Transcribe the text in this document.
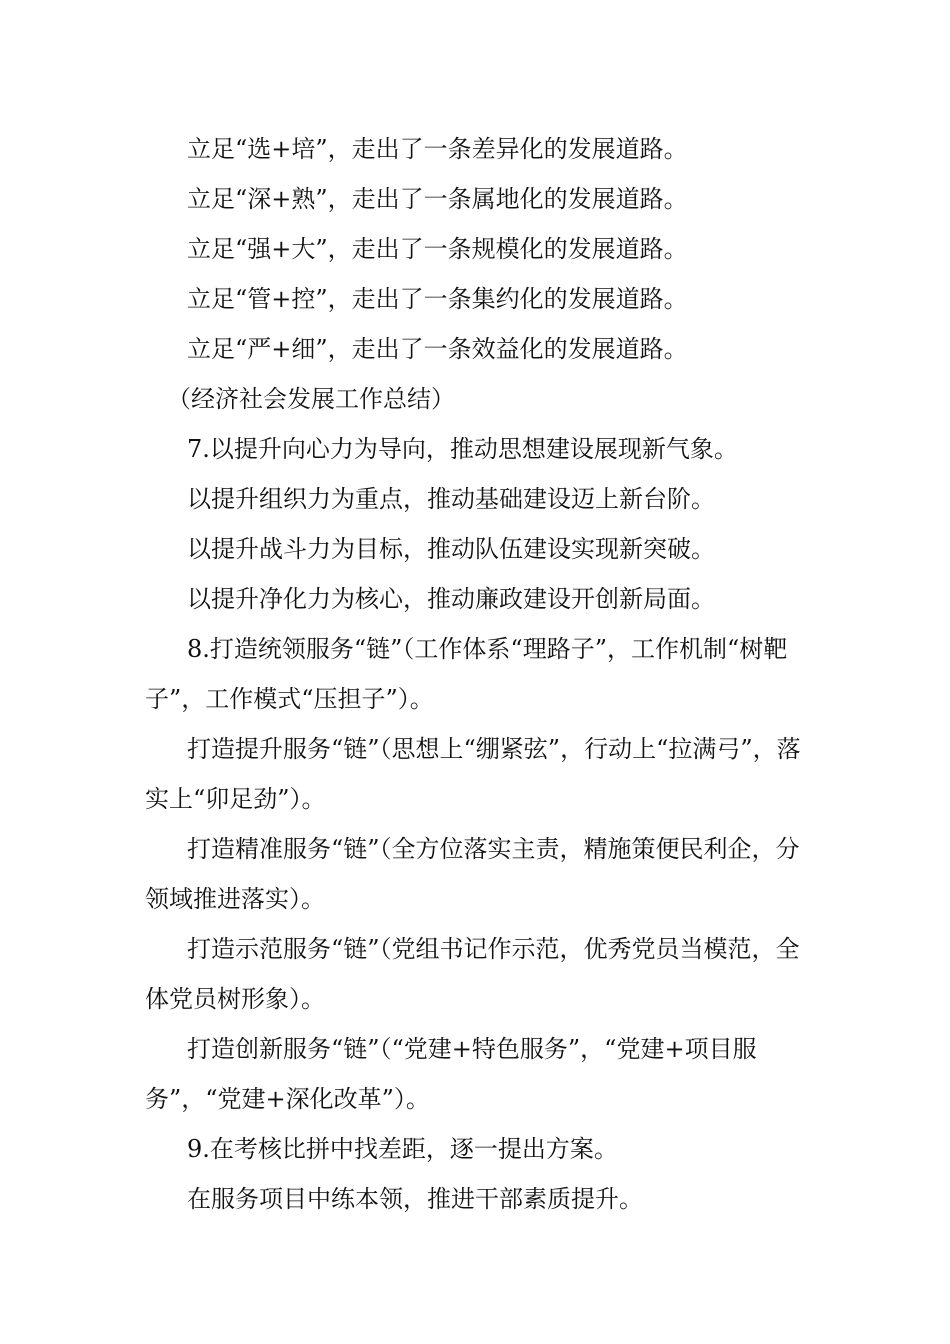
立足“选+培”，走出了一条差异化的发展道路。

立足“深+熟”，走出了一条属地化的发展道路。

立足“强+大”，走出了一条规模化的发展道路。

立足“管+控”，走出了一条集约化的发展道路。

立足“严+细”，走出了一条效益化的发展道路。

（经济社会发展工作总结）

7.以提升向心力为导向，推动思想建设展现新气象。

以提升组织力为重点，推动基础建设迈上新台阶。

以提升战斗力为目标，推动队伍建设实现新突破。

以提升净化力为核心，推动廉政建设开创新局面。

8.打造统领服务“链”（工作体系“理路子”，工作机制“树靶子”，工作模式“压担子”）。

打造提升服务“链”（思想上“绷紧弦”，行动上“拉满弓”，落实上“卯足劲”）。

打造精准服务“链”（全方位落实主责，精施策便民利企，分领域推进落实）。

打造示范服务“链”（党组书记作示范，优秀党员当模范，全体党员树形象）。

打造创新服务“链”（“党建+特色服务”，“党建+项目服务”，“党建+深化改革”）。

9.在考核比拼中找差距，逐一提出方案。

在服务项目中练本领，推进干部素质提升。
